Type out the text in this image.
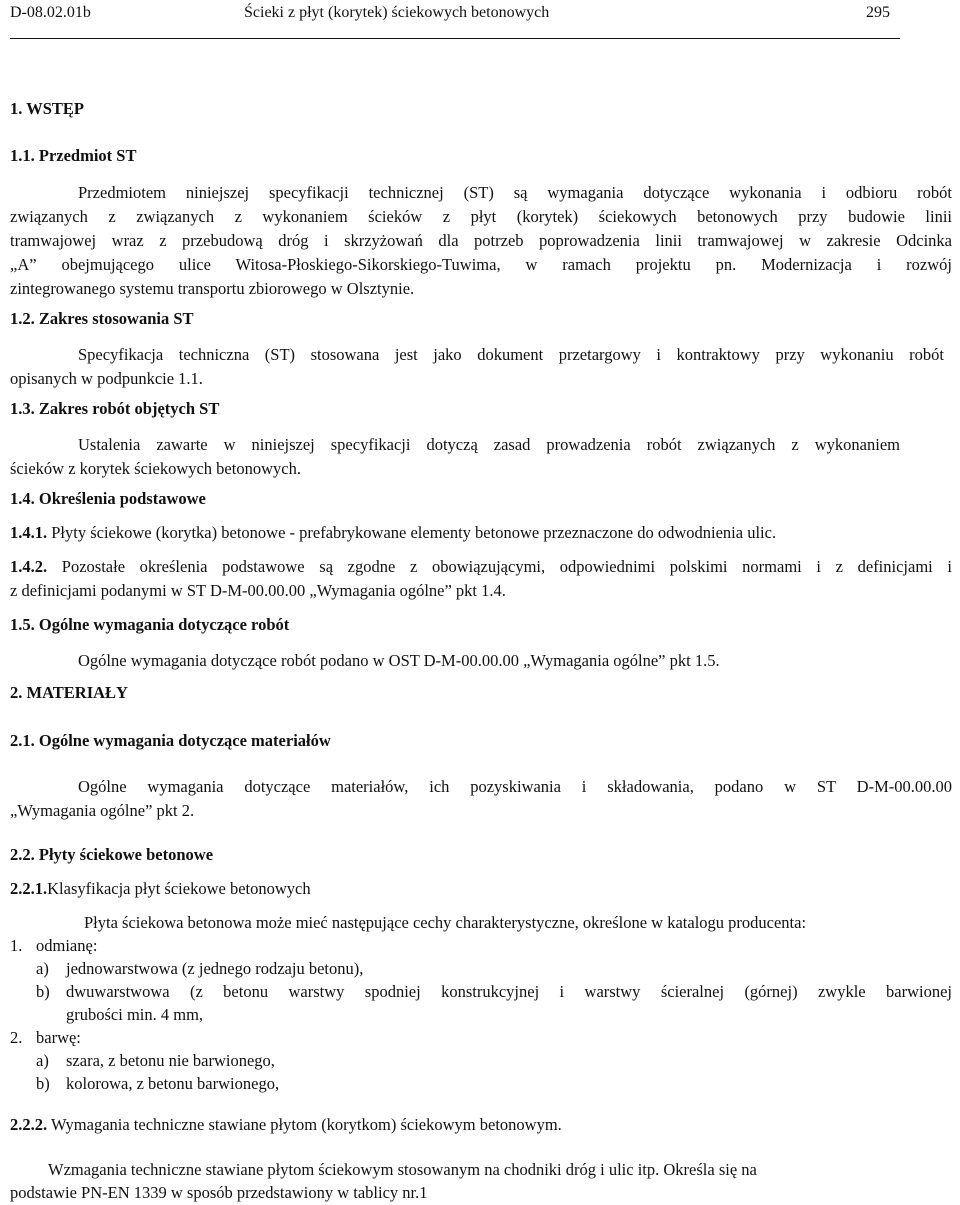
D-08.02.01b	Ścieki z płyt (korytek) ściekowych betonowych	295
1. WSTĘP
1.1. Przedmiot ST
Przedmiotem niniejszej specyfikacji technicznej (ST) są wymagania dotyczące wykonania i odbioru robót
związanych z związanych z wykonaniem ścieków z płyt (korytek) ściekowych betonowych przy budowie linii
tramwajowej wraz z przebudową dróg i skrzyżowań dla potrzeb poprowadzenia linii tramwajowej w zakresie Odcinka
„A” obejmującego ulice Witosa-Płoskiego-Sikorskiego-Tuwima, w ramach projektu pn. Modernizacja i rozwój
zintegrowanego systemu transportu zbiorowego w Olsztynie.
1.2. Zakres stosowania ST
Specyfikacja techniczna (ST) stosowana jest jako dokument przetargowy i kontraktowy przy wykonaniu robót
opisanych w podpunkcie 1.1.
1.3. Zakres robót objętych ST
Ustalenia zawarte w niniejszej specyfikacji dotyczą zasad prowadzenia robót związanych z wykonaniem
ścieków z korytek ściekowych betonowych.
1.4. Określenia podstawowe
1.4.1. Płyty ściekowe (korytka) betonowe - prefabrykowane elementy betonowe przeznaczone do odwodnienia ulic.
1.4.2. Pozostałe określenia podstawowe są zgodne z obowiązującymi, odpowiednimi polskimi normami i z definicjami i
z definicjami podanymi w ST D-M-00.00.00 „Wymagania ogólne” pkt 1.4.
1.5. Ogólne wymagania dotyczące robót
Ogólne wymagania dotyczące robót podano w OST D-M-00.00.00 „Wymagania ogólne” pkt 1.5.
2. MATERIAŁY
2.1. Ogólne wymagania dotyczące materiałów
Ogólne wymagania dotyczące materiałów, ich pozyskiwania i składowania, podano w ST D-M-00.00.00
„Wymagania ogólne” pkt 2.
2.2. Płyty ściekowe betonowe
2.2.1.Klasyfikacja płyt ściekowe betonowych
Płyta ściekowa betonowa może mieć następujące cechy charakterystyczne, określone w katalogu producenta:
1. odmianę:
a) jednowarstwowa (z jednego rodzaju betonu),
b) dwuwarstwowa (z betonu warstwy spodniej konstrukcyjnej i warstwy ścieralnej (górnej) zwykle barwionej
grubości min. 4 mm,
2. barwę:
a) szara, z betonu nie barwionego,
b) kolorowa, z betonu barwionego,
2.2.2. Wymagania techniczne stawiane płytom (korytkom) ściekowym betonowym.
Wzmagania techniczne stawiane płytom ściekowym stosowanym na chodniki dróg i ulic itp. Określa się na
podstawie PN-EN 1339 w sposób przedstawiony w tablicy nr.1
